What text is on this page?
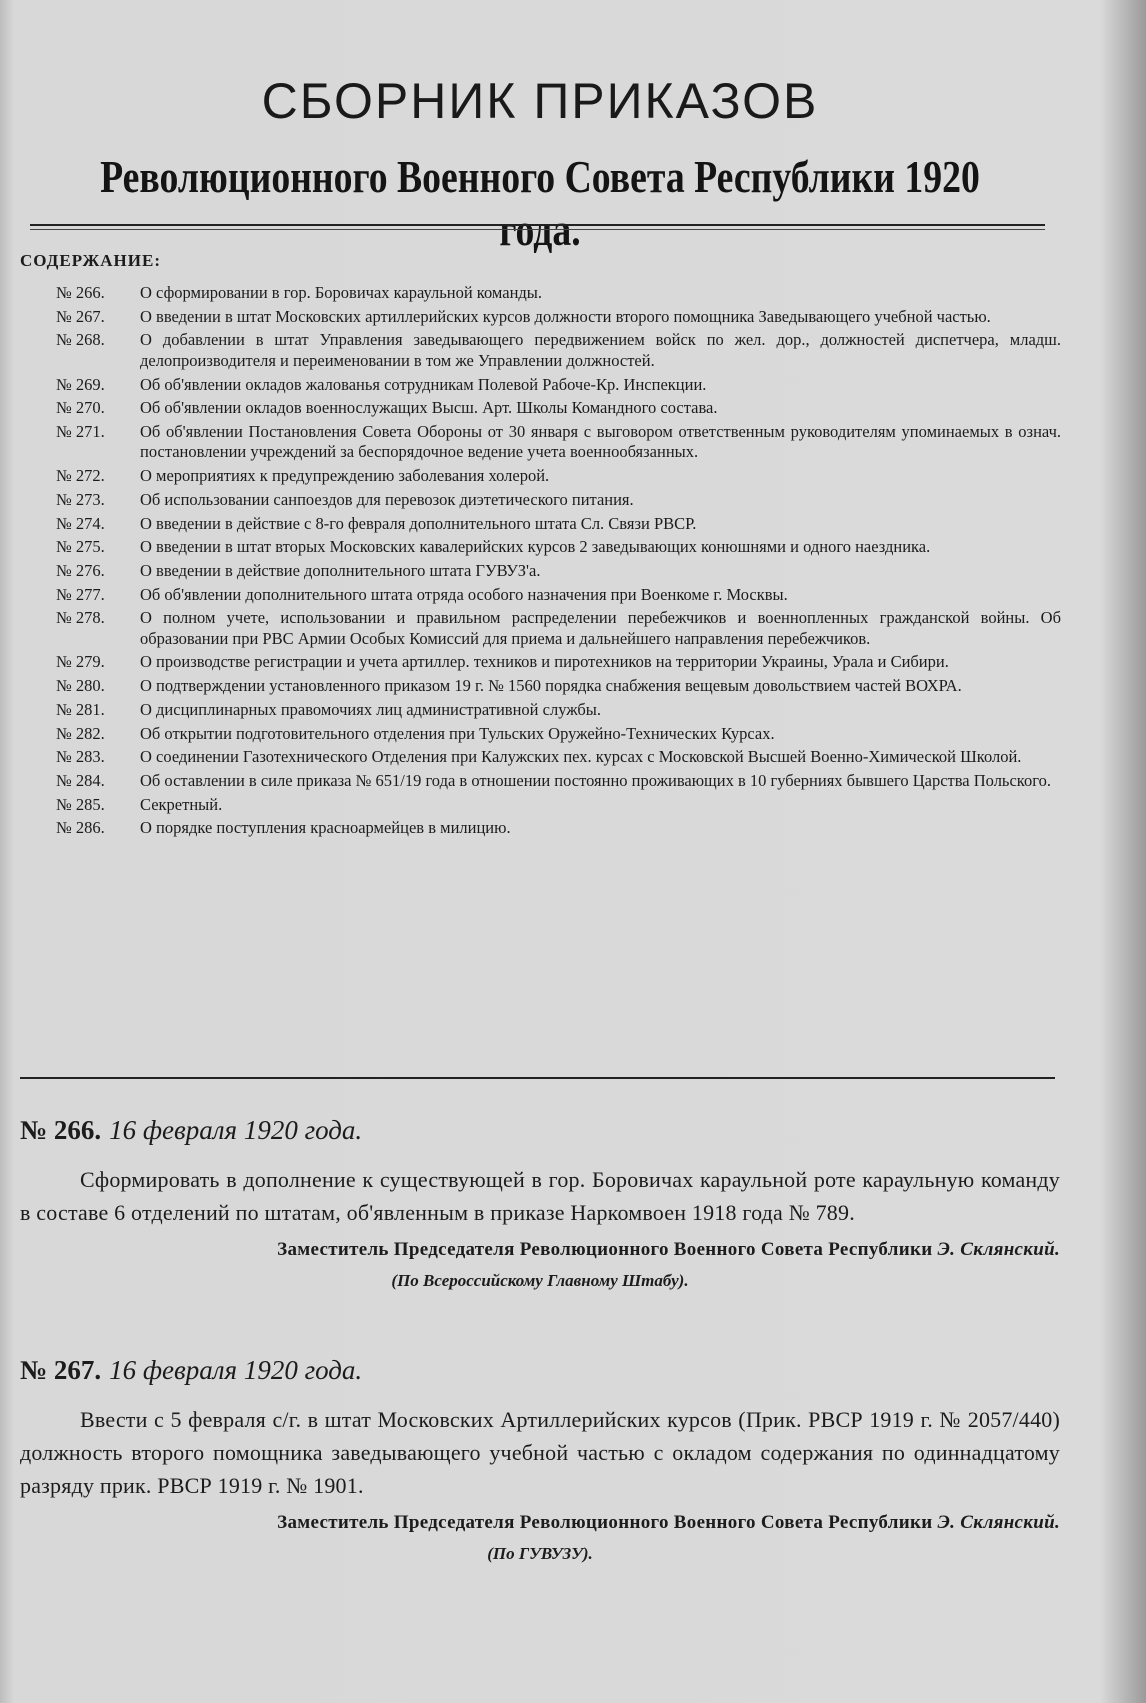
СБОРНИК ПРИКАЗОВ
Революционного Военного Совета Республики 1920 года.
СОДЕРЖАНИЕ:
№ 266.	О сформировании в гор. Боровичах караульной команды.
№ 267.	О введении в штат Московских артиллерийских курсов должности второго помощника Заведывающего учебной частью.
№ 268.	О добавлении в штат Управления заведывающего передвижением войск по жел. дор., должностей диспетчера, младш. делопроизводителя и переименовании в том же Управлении должностей.
№ 269.	Об об'явлении окладов жалованья сотрудникам Полевой Рабоче-Кр. Инспекции.
№ 270.	Об об'явлении окладов военнослужащих Высш. Арт. Школы Командного состава.
№ 271.	Об об'явлении Постановления Совета Обороны от 30 января с выговором ответственным руководителям упоминаемых в означ. постановлении учреждений за беспорядочное ведение учета военнообязанных.
№ 272.	О мероприятиях к предупреждению заболевания холерой.
№ 273.	Об использовании санпоездов для перевозок диэтетического питания.
№ 274.	О введении в действие с 8-го февраля дополнительного штата Сл. Связи РВСР.
№ 275.	О введении в штат вторых Московских кавалерийских курсов 2 заведывающих конюшнями и одного наездника.
№ 276.	О введении в действие дополнительного штата ГУВУЗ'а.
№ 277.	Об об'явлении дополнительного штата отряда особого назначения при Военкоме г. Москвы.
№ 278.	О полном учете, использовании и правильном распределении перебежчиков и военнопленных гражданской войны. Об образовании при РВС Армии Особых Комиссий для приема и дальнейшего направления перебежчиков.
№ 279.	О производстве регистрации и учета артиллер. техников и пиротехников на территории Украины, Урала и Сибири.
№ 280.	О подтверждении установленного приказом 19 г. № 1560 порядка снабжения вещевым довольствием частей ВОХРА.
№ 281.	О дисциплинарных правомочиях лиц административной службы.
№ 282.	Об открытии подготовительного отделения при Тульских Оружейно-Технических Курсах.
№ 283.	О соединении Газотехнического Отделения при Калужских пех. курсах с Московской Высшей Военно-Химической Школой.
№ 284.	Об оставлении в силе приказа № 651/19 года в отношении постоянно проживающих в 10 губерниях бывшего Царства Польского.
№ 285.	Секретный.
№ 286.	О порядке поступления красноармейцев в милицию.
№ 266. 16 февраля 1920 года.
Сформировать в дополнение к существующей в гор. Боровичах караульной роте караульную команду в составе 6 отделений по штатам, об'явленным в приказе Наркомвоен 1918 года № 789.
Заместитель Председателя Революционного Военного Совета Республики Э. Склянский.
(По Всероссийскому Главному Штабу).
№ 267. 16 февраля 1920 года.
Ввести с 5 февраля с/г. в штат Московских Артиллерийских курсов (Прик. РВСР 1919 г. № 2057/440) должность второго помощника заведывающего учебной частью с окладом содержания по одиннадцатому разряду прик. РВСР 1919 г. № 1901.
Заместитель Председателя Революционного Военного Совета Республики Э. Склянский.
(По ГУВУЗУ).
